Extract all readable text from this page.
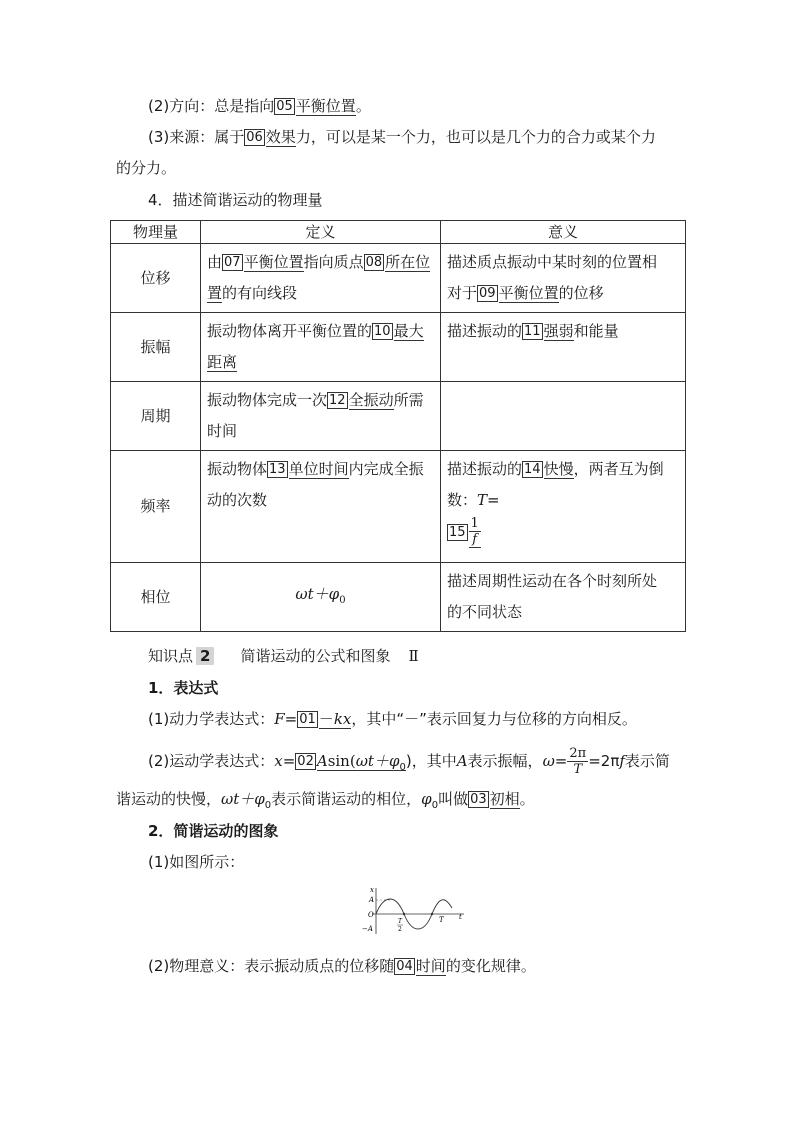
(2)方向：总是指向 05 平衡位置。
(3)来源：属于 06 效果力，可以是某一个力，也可以是几个力的合力或某个力
的分力。
4．描述简谐运动的物理量
物理量	定义	意义
位移	由 07 平衡位置指向质点 08 所在位
置的有向线段	描述质点振动中某时刻的位置相
对于 09 平衡位置的位移
振幅	振动物体离开平衡位置的 10 最大
距离	描述振动的 11 强弱和能量
周期	振动物体完成一次 12 全振动所需
时间	
频率	振动物体 13 单位时间内完成全振
动的次数	描述振动的 14 快慢，两者互为倒
数：T=
$15 \frac{1}{f}$

相位	$\omega t+\varphi_0$	描述周期性运动在各个时刻所处
的不同状态
知识点 2 简谐运动的公式和图象 Ⅱ
1．表达式
(1)动力学表达式：F= 01 －kx，其中“－”表示回复力与位移的方向相反。
(2)运动学表达式：x= 02 $Asin(\omega t+\varphi_0)$，其中A表示振幅，$\omega= \frac{2\pi}{T} =2\pi f$表示简
谐运动的快慢，$\omega t+\varphi_0$表示简谐运动的相位，$\varphi_0$叫做 03 初相。
2．简谐运动的图象
(1)如图所示：
x
A
O
−A
t
T
2
T
(2)物理意义：表示振动质点的位移随 04 时间的变化规律。
